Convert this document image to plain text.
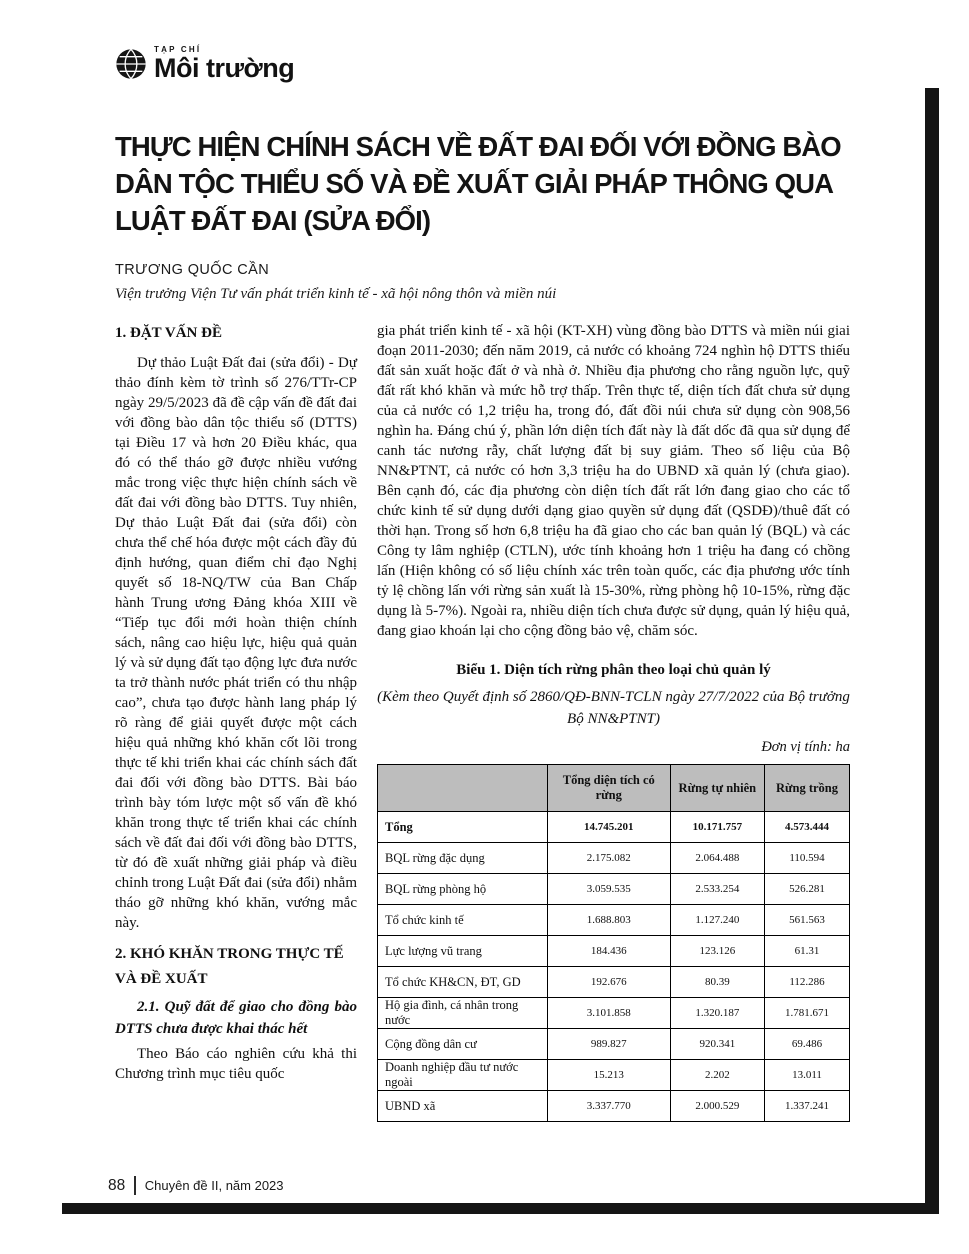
TẠP CHÍ
Môi trường
THỰC HIỆN CHÍNH SÁCH VỀ ĐẤT ĐAI ĐỐI VỚI ĐỒNG BÀO
DÂN TỘC THIỂU SỐ VÀ ĐỀ XUẤT GIẢI PHÁP THÔNG QUA
LUẬT ĐẤT ĐAI (SỬA ĐỔI)
TRƯƠNG QUỐC CẦN
Viện trưởng Viện Tư vấn phát triển kinh tế - xã hội nông thôn và miền núi
1. ĐẶT VẤN ĐỀ

Dự thảo Luật Đất đai (sửa đổi) - Dự thảo đính kèm tờ trình số 276/TTr-CP ngày 29/5/2023 đã đề cập vấn đề đất đai với đồng bào dân tộc thiểu số (DTTS) tại Điều 17 và hơn 20 Điều khác, qua đó có thể tháo gỡ được nhiều vướng mắc trong việc thực hiện chính sách về đất đai với đồng bào DTTS. Tuy nhiên, Dự thảo Luật Đất đai (sửa đổi) còn chưa thể chế hóa được một cách đầy đủ định hướng, quan điểm chỉ đạo Nghị quyết số 18-NQ/TW của Ban Chấp hành Trung ương Đảng khóa XIII về “Tiếp tục đổi mới hoàn thiện chính sách, nâng cao hiệu lực, hiệu quả quản lý và sử dụng đất tạo động lực đưa nước ta trở thành nước phát triển có thu nhập cao”, chưa tạo được hành lang pháp lý rõ ràng để giải quyết được một cách hiệu quả những khó khăn cốt lõi trong thực tế khi triển khai các chính sách đất đai đối với đồng bào DTTS. Bài báo trình bày tóm lược một số vấn đề khó khăn trong thực tế triển khai các chính sách về đất đai đối với đồng bào DTTS, từ đó đề xuất những giải pháp và điều chỉnh trong Luật Đất đai (sửa đổi) nhằm tháo gỡ những khó khăn, vướng mắc này.

2. KHÓ KHĂN TRONG THỰC TẾ VÀ ĐỀ XUẤT
2.1. Quỹ đất để giao cho đồng bào DTTS chưa được khai thác hết

Theo Báo cáo nghiên cứu khả thi Chương trình mục tiêu quốc

gia phát triển kinh tế - xã hội (KT-XH) vùng đồng bào DTTS và miền núi giai đoạn 2011-2030; đến năm 2019, cả nước có khoảng 724 nghìn hộ DTTS thiếu đất sản xuất hoặc đất ở và nhà ở. Nhiều địa phương cho rằng nguồn lực, quỹ đất rất khó khăn và mức hỗ trợ thấp. Trên thực tế, diện tích đất chưa sử dụng của cả nước có 1,2 triệu ha, trong đó, đất đồi núi chưa sử dụng còn 908,56 nghìn ha. Đáng chú ý, phần lớn diện tích đất này là đất dốc đã qua sử dụng để canh tác nương rẫy, chất lượng đất bị suy giảm. Theo số liệu của Bộ NN&PTNT, cả nước có hơn 3,3 triệu ha do UBND xã quản lý (chưa giao). Bên cạnh đó, các địa phương còn diện tích đất rất lớn đang giao cho các tổ chức kinh tế sử dụng dưới dạng giao quyền sử dụng đất (QSDĐ)/thuê đất có thời hạn. Trong số hơn 6,8 triệu ha đã giao cho các ban quản lý (BQL) và các Công ty lâm nghiệp (CTLN), ước tính khoảng hơn 1 triệu ha đang có chồng lấn (Hiện không có số liệu chính xác trên toàn quốc, các địa phương ước tính tỷ lệ chồng lấn với rừng sản xuất là 15-30%, rừng phòng hộ 10-15%, rừng đặc dụng là 5-7%). Ngoài ra, nhiều diện tích chưa được sử dụng, quản lý hiệu quả, đang giao khoán lại cho cộng đồng bảo vệ, chăm sóc.

Biểu 1. Diện tích rừng phân theo loại chủ quản lý
(Kèm theo Quyết định số 2860/QĐ-BNN-TCLN ngày 27/7/2022 của Bộ trưởng Bộ NN&PTNT)
Đơn vị tính: ha
	Tổng diện tích có rừng	Rừng tự nhiên	Rừng trồng
Tổng	14.745.201	10.171.757	4.573.444
BQL rừng đặc dụng	2.175.082	2.064.488	110.594
BQL rừng phòng hộ	3.059.535	2.533.254	526.281
Tổ chức kinh tế	1.688.803	1.127.240	561.563
Lực lượng vũ trang	184.436	123.126	61.31
Tổ chức KH&CN, ĐT, GD	192.676	80.39	112.286
Hộ gia đình, cá nhân trong nước	3.101.858	1.320.187	1.781.671
Cộng đồng dân cư	989.827	920.341	69.486
Doanh nghiệp đầu tư nước ngoài	15.213	2.202	13.011
UBND xã	3.337.770	2.000.529	1.337.241
88 Chuyên đề II, năm 2023
